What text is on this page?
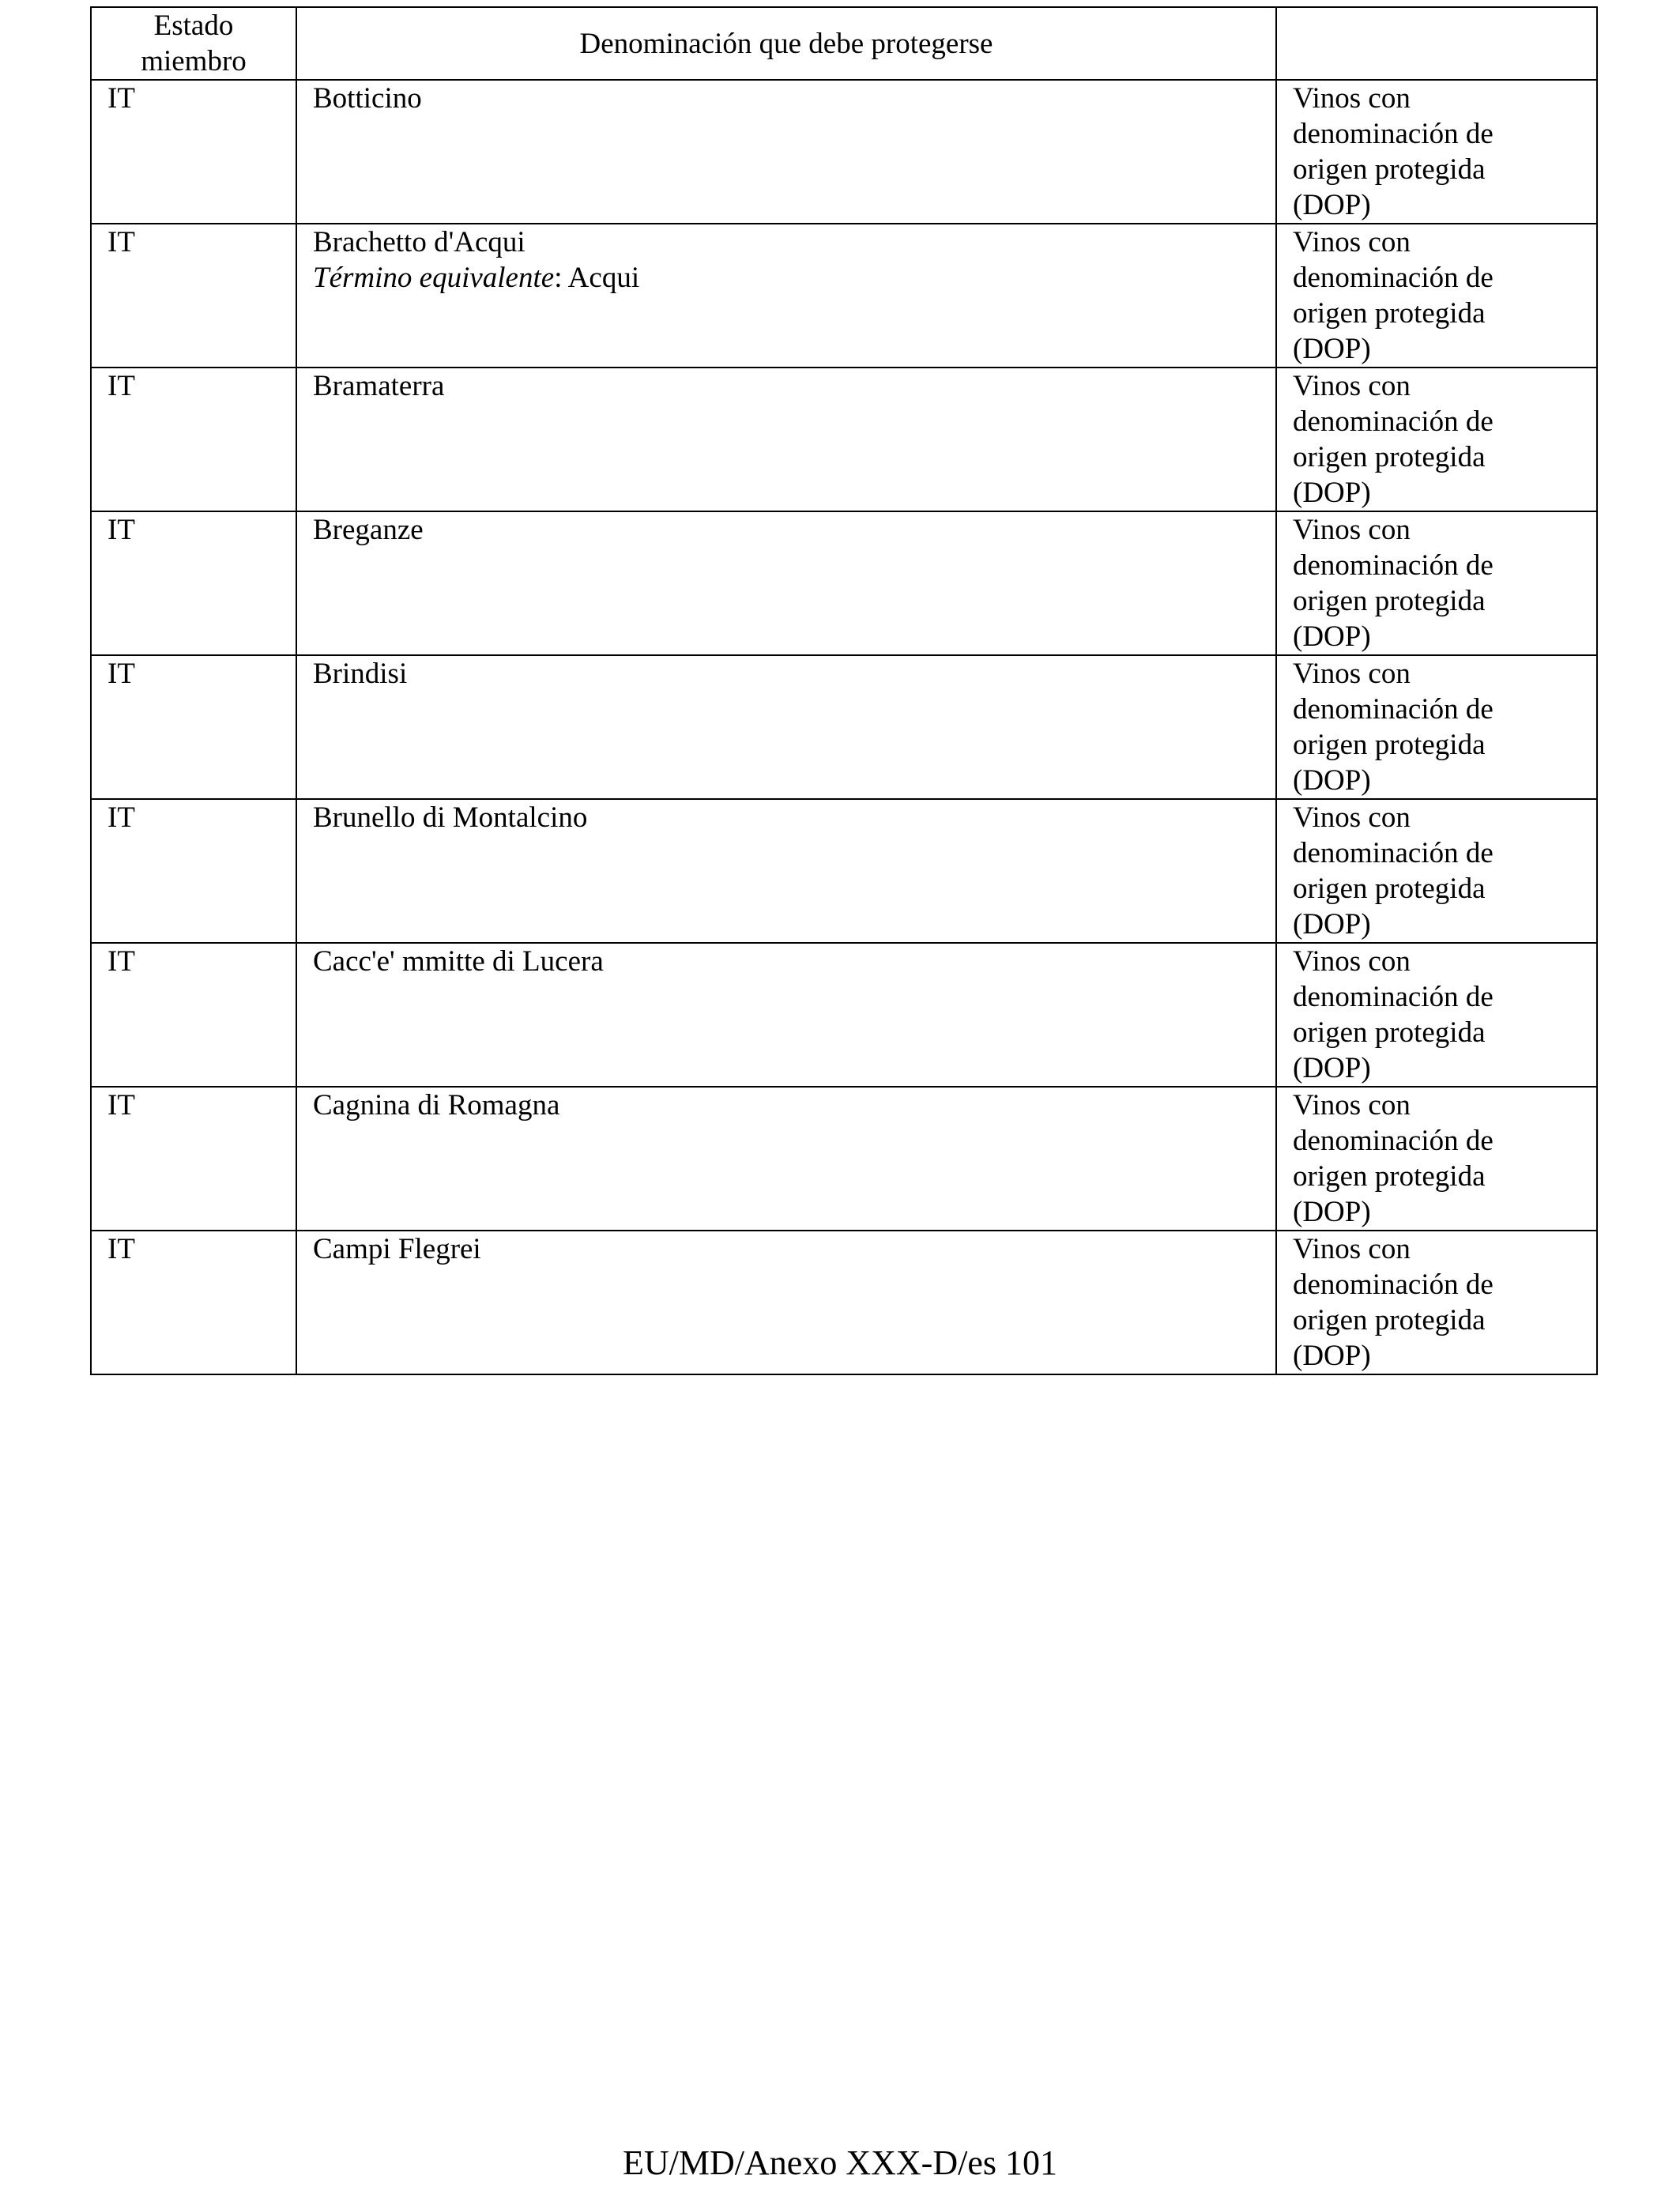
Estado
miembro	Denominación que debe protegerse	
IT	Botticino	Vinos con
denominación de
origen protegida
(DOP)

IT	Brachetto d'Acqui
Término equivalente: Acqui	Vinos con
denominación de
origen protegida
(DOP)

IT	Bramaterra	Vinos con
denominación de
origen protegida
(DOP)

IT	Breganze	Vinos con
denominación de
origen protegida
(DOP)

IT	Brindisi	Vinos con
denominación de
origen protegida
(DOP)

IT	Brunello di Montalcino	Vinos con
denominación de
origen protegida
(DOP)

IT	Cacc'e' mmitte di Lucera	Vinos con
denominación de
origen protegida
(DOP)

IT	Cagnina di Romagna	Vinos con
denominación de
origen protegida
(DOP)

IT	Campi Flegrei	Vinos con
denominación de
origen protegida
(DOP)
EU/MD/Anexo XXX-D/es 101
